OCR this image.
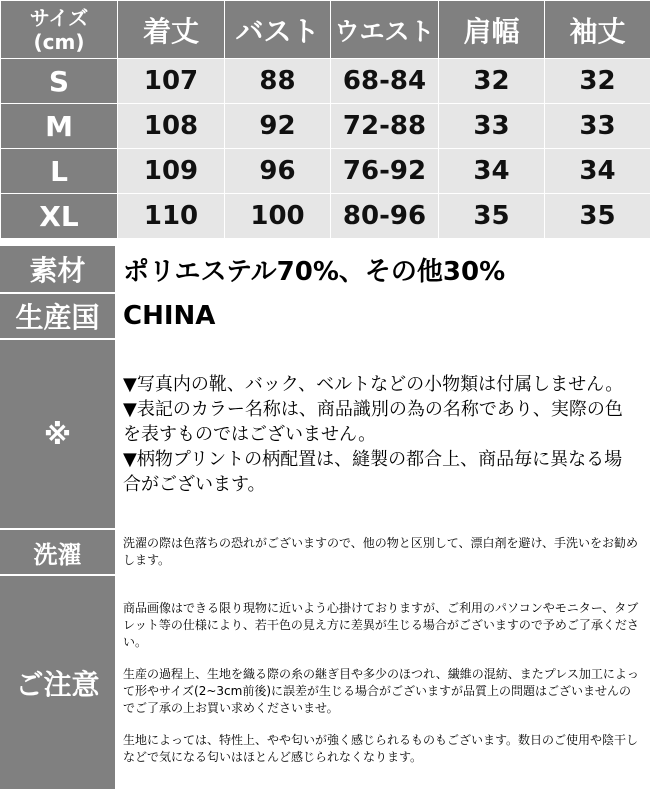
サイズ
(cm)	着丈	バスト	ウエスト	肩幅	袖丈
S	107	88	68-84	32	32
M	108	92	72-88	33	33
L	109	96	76-92	34	34
XL	110	100	80-96	35	35
素材	ポリエステル70%、その他30%
生産国 CHINA
※

▼写真内の靴、バック、ベルトなどの小物類は付属しません。

▼表記のカラー名称は、商品識別の為の名称であり、実際の色を表すものではございません。

▼柄物プリントの柄配置は、縫製の都合上、商品毎に異なる場合がございます。

洗濯	洗濯の際は色落ちの恐れがございますので、他の物と区別して、漂白剤を避け、手洗いをお勧めします。

ご注意

商品画像はできる限り現物に近いよう心掛けておりますが、ご利用のパソコンやモニター、タブレット等の仕様により、若干色の見え方に差異が生じる場合がございますので予めご了承ください。

生産の過程上、生地を織る際の糸の継ぎ目や多少のほつれ、繊維の混紡、またプレス加工によって形やサイズ(2~3cm前後)に誤差が生じる場合がございますが品質上の問題はございませんのでご了承の上お買い求めくださいませ。

生地によっては、特性上、やや匂いが強く感じられるものもございます。数日のご使用や陰干しなどで気になる匂いはほとんど感じられなくなります。
